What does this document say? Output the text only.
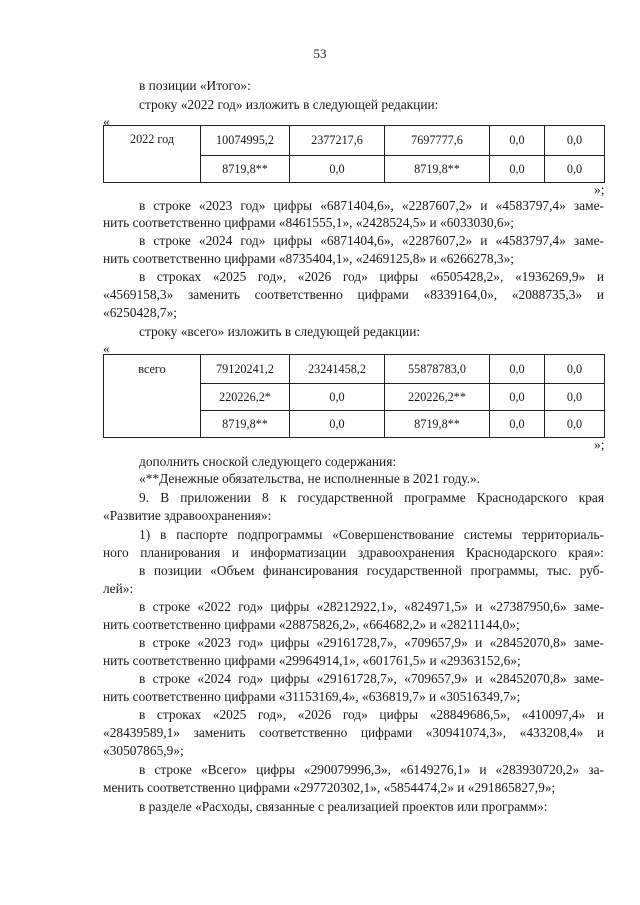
53
в позиции «Итого»:
строку «2022 год» изложить в следующей редакции:
«
2022 год	10074995,2	2377217,6	7697777,6	0,0	0,0
	8719,8**	0,0	8719,8**	0,0	0,0
»;
в строке «2023 год» цифры «6871404,6», «2287607,2» и «4583797,4» заме-
нить соответственно цифрами «8461555,1», «2428524,5» и «6033030,6»;
в строке «2024 год» цифры «6871404,6», «2287607,2» и «4583797,4» заме-
нить соответственно цифрами «8735404,1», «2469125,8» и «6266278,3»;
в строках «2025 год», «2026 год» цифры «6505428,2», «1936269,9» и
«4569158,3» заменить соответственно цифрами «8339164,0», «2088735,3» и
«6250428,7»;
строку «всего» изложить в следующей редакции:
«
всего	79120241,2	23241458,2	55878783,0	0,0	0,0
	220226,2*	0,0	220226,2**	0,0	0,0
	8719,8**	0,0	8719,8**	0,0	0,0
»;
дополнить сноской следующего содержания:
«**Денежные обязательства, не исполненные в 2021 году.».
9. В приложении 8 к государственной программе Краснодарского края
«Развитие здравоохранения»:
1) в паспорте подпрограммы «Совершенствование системы территориаль-
ного планирования и информатизации здравоохранения Краснодарского края»:
в позиции «Объем финансирования государственной программы, тыс. руб-
лей»:
в строке «2022 год» цифры «28212922,1», «824971,5» и «27387950,6» заме-
нить соответственно цифрами «28875826,2», «664682,2» и «28211144,0»;
в строке «2023 год» цифры «29161728,7», «709657,9» и «28452070,8» заме-
нить соответственно цифрами «29964914,1», «601761,5» и «29363152,6»;
в строке «2024 год» цифры «29161728,7», «709657,9» и «28452070,8» заме-
нить соответственно цифрами «31153169,4», «636819,7» и «30516349,7»;
в строках «2025 год», «2026 год» цифры «28849686,5», «410097,4» и
«28439589,1» заменить соответственно цифрами «30941074,3», «433208,4» и
«30507865,9»;
в строке «Всего» цифры «290079996,3», «6149276,1» и «283930720,2» за-
менить соответственно цифрами «297720302,1», «5854474,2» и «291865827,9»;
в разделе «Расходы, связанные с реализацией проектов или программ»:
